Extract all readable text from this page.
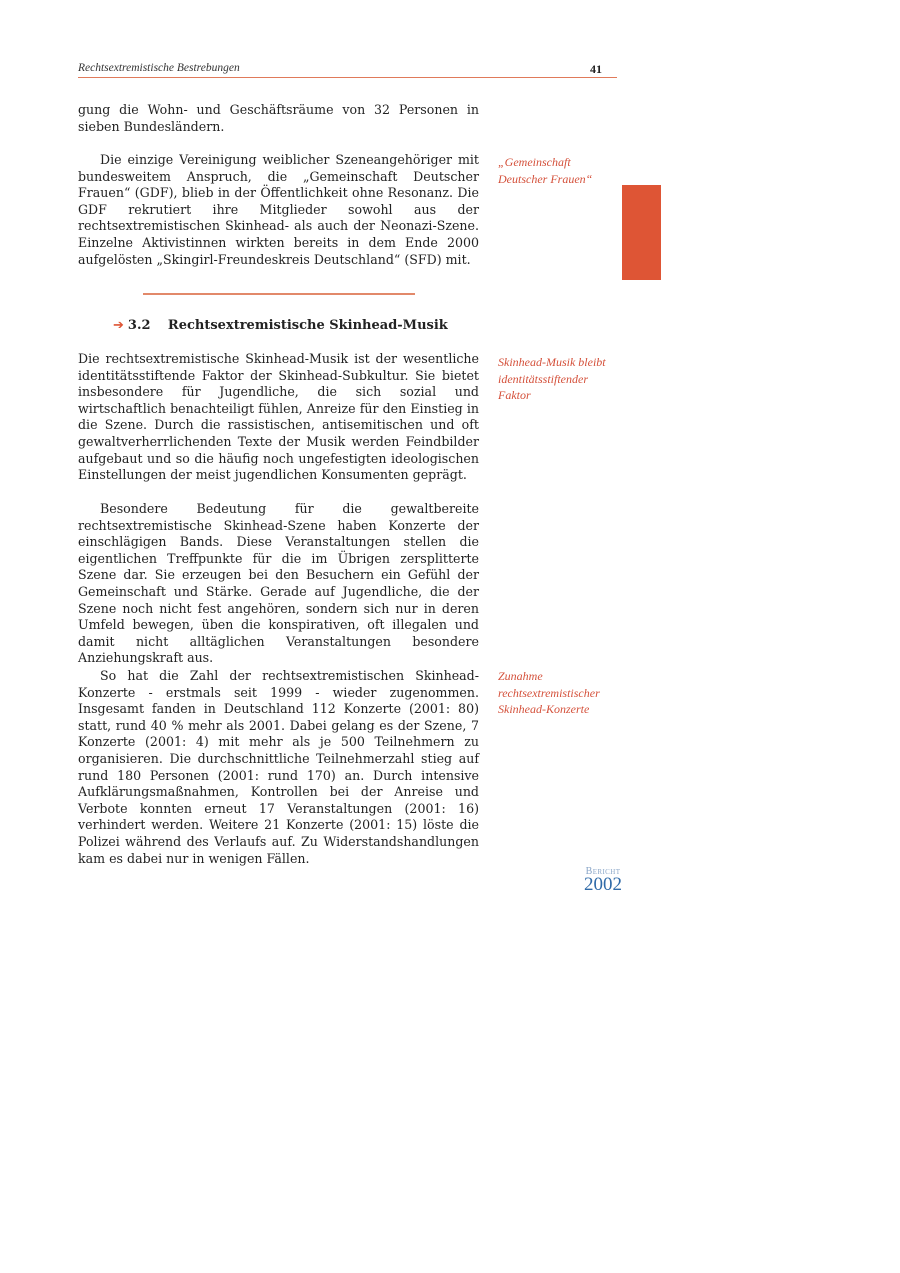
Rechtsextremistische Bestrebungen	41

gung die Wohn- und Geschäftsräume von 32 Personen in sieben Bundesländern.

Die einzige Vereinigung weiblicher Szeneangehöriger mit bundesweitem Anspruch, die „Gemeinschaft Deutscher Frauen“ (GDF), blieb in der Öffentlichkeit ohne Resonanz. Die GDF rekrutiert ihre Mitglieder sowohl aus der rechtsextremistischen Skinhead- als auch der Neonazi-Szene. Einzelne Aktivistinnen wirkten bereits in dem Ende 2000 aufgelösten „Skingirl-Freundeskreis Deutschland“ (SFD) mit.

„Gemeinschaft Deutscher Frauen“
➔ 3.2 Rechtsextremistische Skinhead-Musik

Die rechtsextremistische Skinhead-Musik ist der wesentliche identitätsstiftende Faktor der Skinhead-Subkultur. Sie bietet insbesondere für Jugendliche, die sich sozial und wirtschaftlich benachteiligt fühlen, Anreize für den Einstieg in die Szene. Durch die rassistischen, antisemitischen und oft gewaltverherrlichenden Texte der Musik werden Feindbilder aufgebaut und so die häufig noch ungefestigten ideologischen Einstellungen der meist jugendlichen Konsumenten geprägt.

Skinhead-Musik bleibt identitätsstiftender Faktor

Besondere Bedeutung für die gewaltbereite rechtsextremistische Skinhead-Szene haben Konzerte der einschlägigen Bands. Diese Veranstaltungen stellen die eigentlichen Treffpunkte für die im Übrigen zersplitterte Szene dar. Sie erzeugen bei den Besuchern ein Gefühl der Gemeinschaft und Stärke. Gerade auf Jugendliche, die der Szene noch nicht fest angehören, sondern sich nur in deren Umfeld bewegen, üben die konspirativen, oft illegalen und damit nicht alltäglichen Veranstaltungen besondere Anziehungskraft aus.

So hat die Zahl der rechtsextremistischen Skinhead-Konzerte - erstmals seit 1999 - wieder zugenommen. Insgesamt fanden in Deutschland 112 Konzerte (2001: 80) statt, rund 40 % mehr als 2001. Dabei gelang es der Szene, 7 Konzerte (2001: 4) mit mehr als je 500 Teilnehmern zu organisieren. Die durchschnittliche Teilnehmerzahl stieg auf rund 180 Personen (2001: rund 170) an. Durch intensive Aufklärungsmaßnahmen, Kontrollen bei der Anreise und Verbote konnten erneut 17 Veranstaltungen (2001: 16) verhindert werden. Weitere 21 Konzerte (2001: 15) löste die Polizei während des Verlaufs auf. Zu Widerstandshandlungen kam es dabei nur in wenigen Fällen.

Zunahme rechtsextremistischer Skinhead-Konzerte
Bericht
2002
